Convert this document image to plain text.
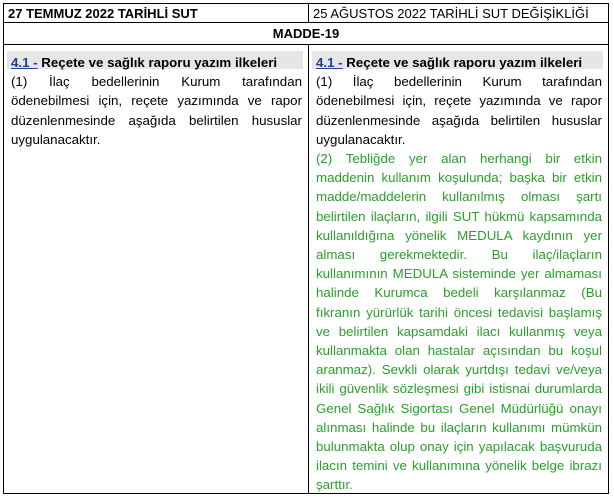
27 TEMMUZ 2022 TARİHLİ SUT	25 AĞUSTOS 2022 TARİHLİ SUT DEĞİŞİKLİĞİ
MADDE-19
4.1 - Reçete ve sağlık raporu yazım ilkeleri
(1) İlaç bedellerinin Kurum tarafından ödenebilmesi için, reçete yazımında ve rapor düzenlenmesinde aşağıda belirtilen hususlar uygulanacaktır.
4.1 - Reçete ve sağlık raporu yazım ilkeleri
(1) İlaç bedellerinin Kurum tarafından ödenebilmesi için, reçete yazımında ve rapor düzenlenmesinde aşağıda belirtilen hususlar uygulanacaktır.
(2) Tebliğde yer alan herhangi bir etkin maddenin kullanım koşulunda; başka bir etkin madde/maddelerin kullanılmış olması şartı belirtilen ilaçların, ilgili SUT hükmü kapsamında kullanıldığına yönelik MEDULA kaydının yer alması gerekmektedir. Bu ilaç/ilaçların kullanımının MEDULA sisteminde yer almaması halinde Kurumca bedeli karşılanmaz (Bu fıkranın yürürlük tarihi öncesi tedavisi başlamış ve belirtilen kapsamdaki ilacı kullanmış veya kullanmakta olan hastalar açısından bu koşul aranmaz). Sevkli olarak yurtdışı tedavi ve/veya ikili güvenlik sözleşmesi gibi istisnai durumlarda Genel Sağlık Sigortası Genel Müdürlüğü onayı alınması halinde bu ilaçların kullanımı mümkün bulunmakta olup onay için yapılacak başvuruda ilacın temini ve kullanımına yönelik belge ibrazı şarttır.
